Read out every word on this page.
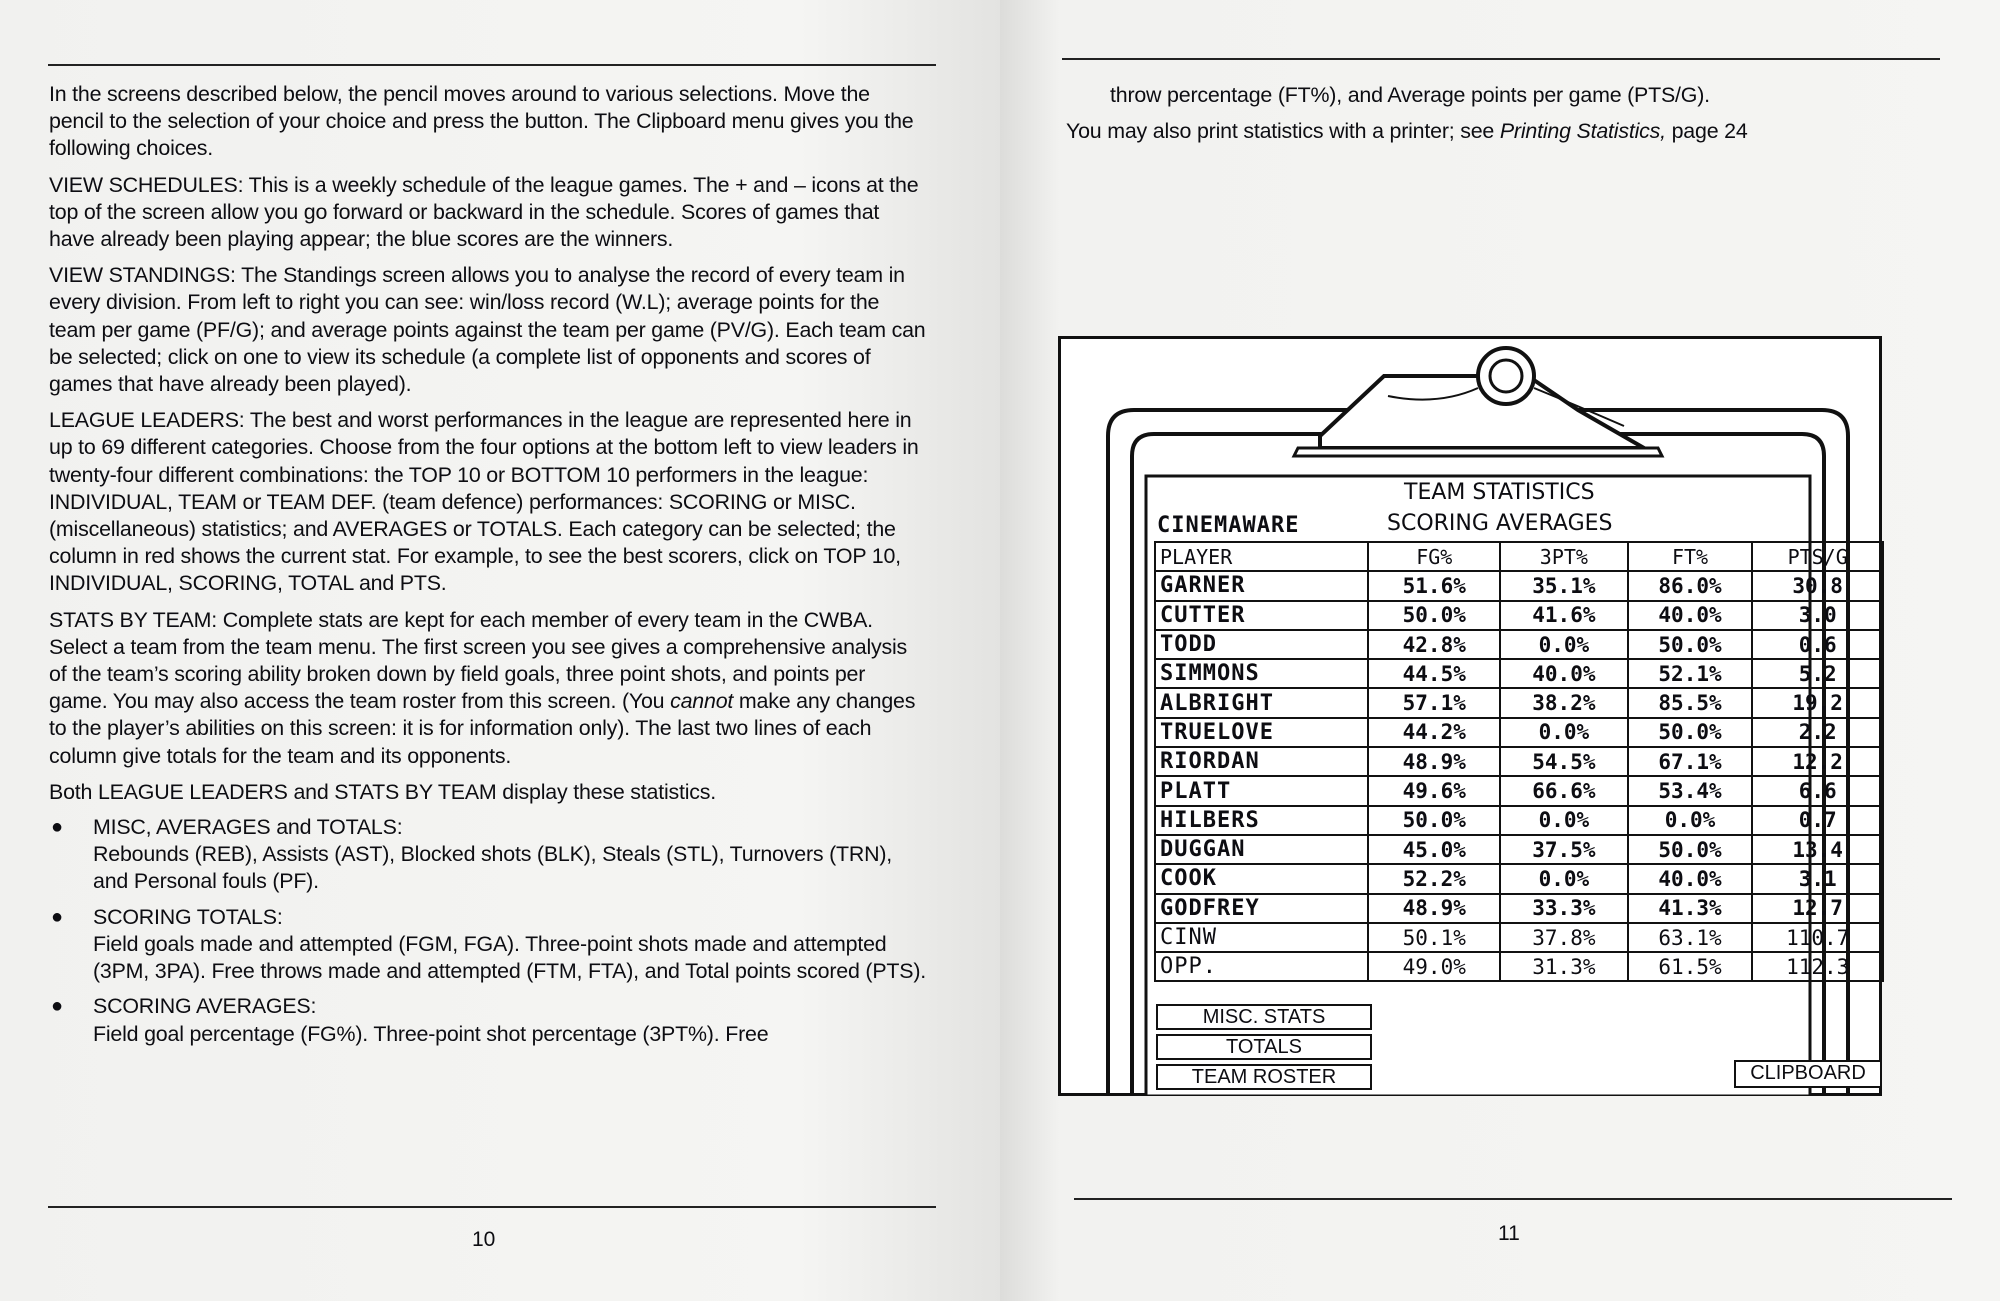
In the screens described below, the pencil moves around to various selections. Move the pencil to the selection of your choice and press the button. The Clipboard menu gives you the following choices.

VIEW SCHEDULES: This is a weekly schedule of the league games. The + and – icons at the top of the screen allow you go forward or backward in the schedule. Scores of games that have already been playing appear; the blue scores are the winners.

VIEW STANDINGS: The Standings screen allows you to analyse the record of every team in every division. From left to right you can see: win/loss record (W.L); average points for the team per game (PF/G); and average points against the team per game (PV/G). Each team can be selected; click on one to view its schedule (a complete list of opponents and scores of games that have already been played).

LEAGUE LEADERS: The best and worst performances in the league are represented here in up to 69 different categories. Choose from the four options at the bottom left to view leaders in twenty-four different combinations: the TOP 10 or BOTTOM 10 performers in the league: INDIVIDUAL, TEAM or TEAM DEF. (team defence) performances: SCORING or MISC. (miscellaneous) statistics; and AVERAGES or TOTALS. Each category can be selected; the column in red shows the current stat. For example, to see the best scorers, click on TOP 10, INDIVIDUAL, SCORING, TOTAL and PTS.

STATS BY TEAM: Complete stats are kept for each member of every team in the CWBA. Select a team from the team menu. The first screen you see gives a comprehensive analysis of the team’s scoring ability broken down by field goals, three point shots, and points per game. You may also access the team roster from this screen. (You cannot make any changes to the player’s abilities on this screen: it is for information only). The last two lines of each column give totals for the team and its opponents.

Both LEAGUE LEADERS and STATS BY TEAM display these statistics.

●	MISC, AVERAGES and TOTALS:
Rebounds (REB), Assists (AST), Blocked shots (BLK), Steals (STL), Turnovers (TRN), and Personal fouls (PF).
●	SCORING TOTALS:
Field goals made and attempted (FGM, FGA). Three-point shots made and attempted (3PM, 3PA). Free throws made and attempted (FTM, FTA), and Total points scored (PTS).
●	SCORING AVERAGES:
Field goal percentage (FG%). Three-point shot percentage (3PT%). Free
10
throw percentage (FT%), and Average points per game (PTS/G).
You may also print statistics with a printer; see Printing Statistics, page 24
11
TEAM STATISTICS
CINEMAWARE	SCORING AVERAGES
PLAYER	FG%	3PT%	FT%	PTS/G
GARNER	51.6%	35.1%	86.0%	30.8
CUTTER	50.0%	41.6%	40.0%	3.0
TODD	42.8%	0.0%	50.0%	0.6
SIMMONS	44.5%	40.0%	52.1%	5.2
ALBRIGHT	57.1%	38.2%	85.5%	19.2
TRUELOVE	44.2%	0.0%	50.0%	2.2
RIORDAN	48.9%	54.5%	67.1%	12.2
PLATT	49.6%	66.6%	53.4%	6.6
HILBERS	50.0%	0.0%	0.0%	0.7
DUGGAN	45.0%	37.5%	50.0%	13.4
COOK	52.2%	0.0%	40.0%	3.1
GODFREY	48.9%	33.3%	41.3%	12.7
CINW	50.1%	37.8%	63.1%	110.7
OPP.	49.0%	31.3%	61.5%	112.3
MISC. STATS
TOTALS
TEAM ROSTER	CLIPBOARD
